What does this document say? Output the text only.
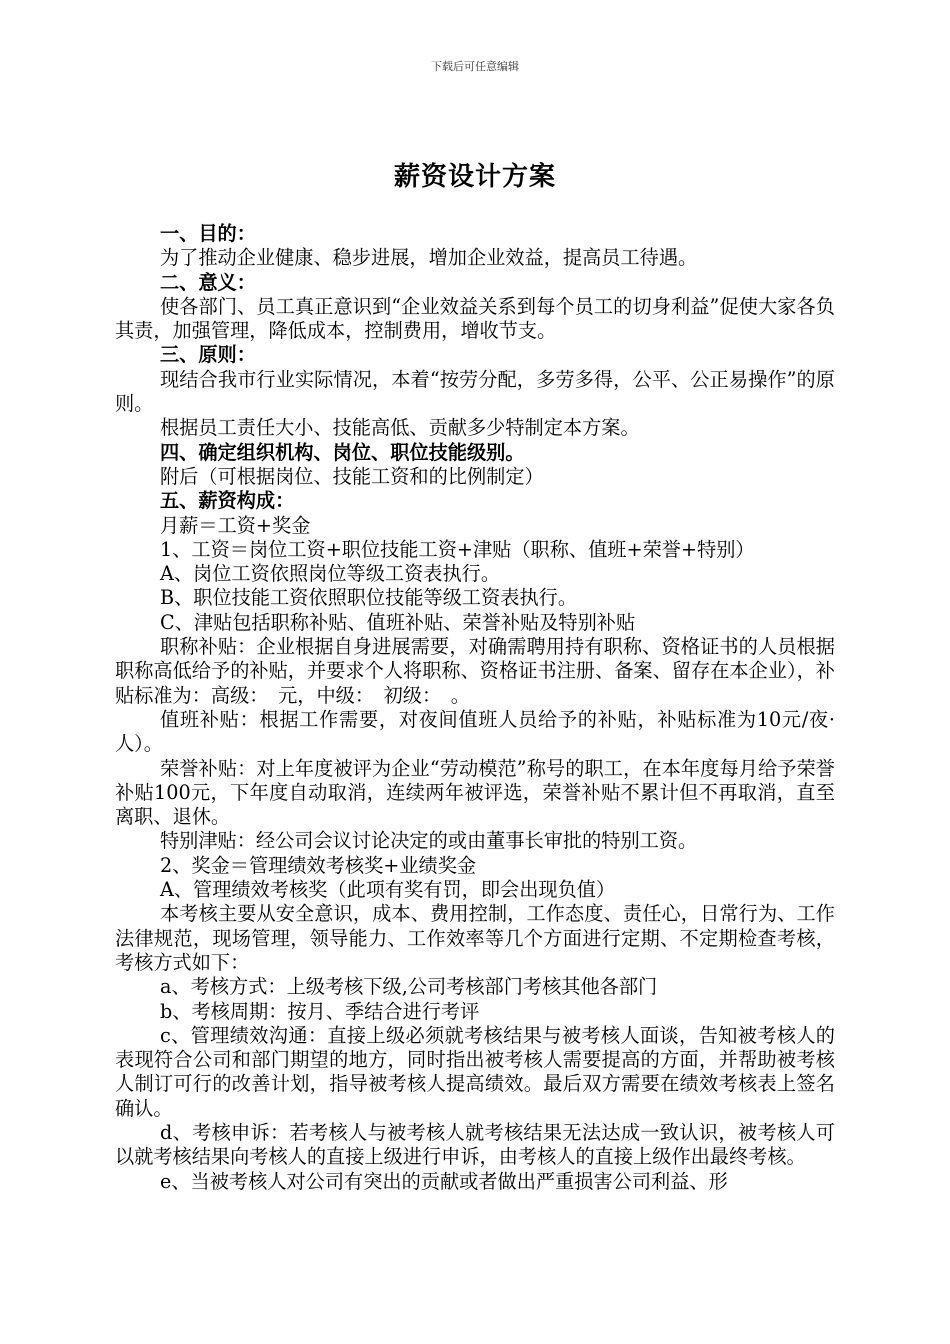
下载后可任意编辑
薪资设计方案

一、目的：

为了推动企业健康、稳步进展，增加企业效益，提高员工待遇。

二、意义：

使各部门、员工真正意识到“企业效益关系到每个员工的切身利益”促使大家各负其责，加强管理，降低成本，控制费用，增收节支。

三、原则：

现结合我市行业实际情况，本着“按劳分配，多劳多得，公平、公正易操作”的原则。

根据员工责任大小、技能高低、贡献多少特制定本方案。

四、确定组织机构、岗位、职位技能级别。

附后（可根据岗位、技能工资和的比例制定）

五、薪资构成：

月薪＝工资+奖金

1、工资＝岗位工资+职位技能工资+津贴（职称、值班+荣誉+特别）

A、岗位工资依照岗位等级工资表执行。

B、职位技能工资依照职位技能等级工资表执行。

C、津贴包括职称补贴、值班补贴、荣誉补贴及特别补贴

职称补贴：企业根据自身进展需要，对确需聘用持有职称、资格证书的人员根据职称高低给予的补贴，并要求个人将职称、资格证书注册、备案、留存在本企业），补贴标准为：高级：　元，中级：　初级：　。

值班补贴：根据工作需要，对夜间值班人员给予的补贴，补贴标准为10元/夜·人）。

荣誉补贴：对上年度被评为企业“劳动模范”称号的职工，在本年度每月给予荣誉补贴100元，下年度自动取消，连续两年被评选，荣誉补贴不累计但不再取消，直至离职、退休。

特别津贴：经公司会议讨论决定的或由董事长审批的特别工资。

2、奖金＝管理绩效考核奖+业绩奖金

A、管理绩效考核奖（此项有奖有罚，即会出现负值）

本考核主要从安全意识，成本、费用控制，工作态度、责任心，日常行为、工作法律规范，现场管理，领导能力、工作效率等几个方面进行定期、不定期检查考核，考核方式如下：

a、考核方式：上级考核下级,公司考核部门考核其他各部门

b、考核周期：按月、季结合进行考评

c、管理绩效沟通：直接上级必须就考核结果与被考核人面谈，告知被考核人的表现符合公司和部门期望的地方，同时指出被考核人需要提高的方面，并帮助被考核人制订可行的改善计划，指导被考核人提高绩效。最后双方需要在绩效考核表上签名确认。

d、考核申诉：若考核人与被考核人就考核结果无法达成一致认识，被考核人可以就考核结果向考核人的直接上级进行申诉，由考核人的直接上级作出最终考核。

e、当被考核人对公司有突出的贡献或者做出严重损害公司利益、形
